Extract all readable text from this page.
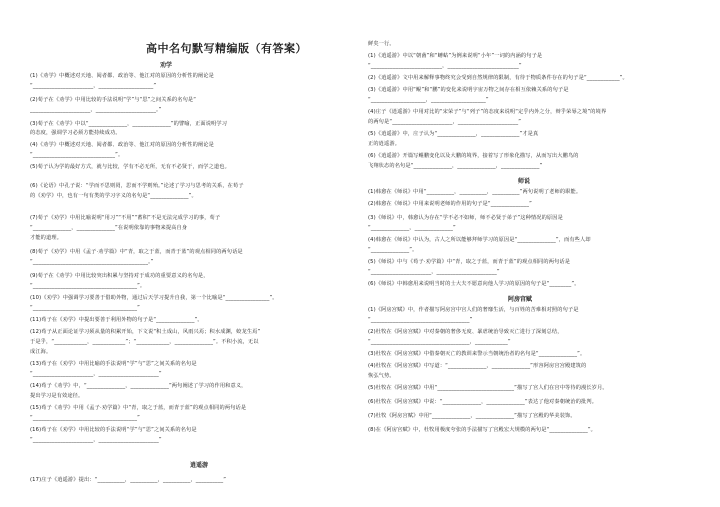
高中名句默写精编版（有答案）
劝学

(1)《劝学》中概述对天地、阅者都、政治等、他江对的原因的分析性的阐论是

“______________________，____________________”

(2)荀子在《劝学》中用比较的手法说明“学”与“思”之间关系的名句是“

______________________，______________________。”

(3)荀子在《劝学》中以“______________，______________”的譬喻，正面说明学习

的态度，强调学习必须方能持续成功。

(4)《劝学》中概述对天地、阅者都、政治等、他江对的原因的分析性的阐论是

“______________________________”。

(5)荀子认为学的最好方式，就与比较，学有不必无所，无有不必贤于，而学之道也。

(6)《论语》中孔子说：“学而不思则罔，思而不学则殆。”论述了学习与思考的关系，在荀子

的《劝学》中，也有一句有类的学习字义的名句是“______________”。

(7)荀子《劝学》中用比喻说明“用习”“不用”“蓄积”不是无法完成学习的事，荀子

“______________，______________”在说明依靠的事物来提高自身

才能的道理。

(8)荀子《劝学》中用《孟子·劝学篇》中“青，取之于蓝，而青于蓝”的观点相同的两句话是

“__________________________________________。”

(9)荀子在《劝学》中用比较突出积累与坚持对于成功的重要意义的名句是，

“______________________________________”。

(10)《劝学》中强调学习要善于借助外物，通过后天学习提升自我，第一个比喻是“________________”。

“______________________________________”

(11)荀子在《劝学》中提出要善于利用外物的句子是“______________”。

(12)荀子从正面论证学习须从量的积累开始，下文说“积土成山，风雨兴焉；积水成渊，蛟龙生焉”

于是乎，“____________，____________”；“____________，______________”。不积小流，无以

成江海。

(13)荀子在《劝学》中用比喻的手法说明“学”与“思”之间关系的名句是

“______________________，______________________”

(14)荀子《劝学》中，“______________，______________”两句阐述了学习的作用和意义，

提出学习是有效途径。

(15)荀子《劝学》中用《孟子·劝学篇》中“青，取之于蓝，而青于蓝”的观点相同的两句话是

“______________________________________”

(16)荀子在《劝学》中用比较的手法说明“学”与“思”之间关系的名句是

“______________________，______________________”

逍遥游

(17)庄子《逍遥游》提出：“__________，__________，__________，__________”

鲜矣一行。

(1)《逍遥游》中以“朝菌”和“蟪蛄”为例来说明“小年”一词的内涵的句子是

“__________________________，__________________________”

(2)《逍遥游》文中用来解释事物终究会受到自然规律的限制，有待于物质条件存在的句子是“____________”。

(3)《逍遥游》中用“鲲”和“鹏”的变化来说明宇宙万物之间存在相互依赖关系的句子是

“____________________，____________________”

(4)庄子《逍遥游》中用对比的“宋荣子”与“列子”的态度来说明“定乎内外之分，辩乎荣辱之境”的境界

的两句是“______________________，______________________”

(5)《逍遥游》中，庄子认为“______________，______________”才是真

正的逍遥游。

(6)《逍遥游》开篇写鲲鹏变化以及大鹏的境界，接着写了形象化描写，从而写出大鹏鸟的

飞翔状态的名句是“______________，______________，______________”

师说

(1)韩愈在《师说》中用“__________，__________，__________”两句说明了老师的职能。

(2)韩愈在《师说》中用来说明老师的作用的句子是“______________”

(3)《师说》中，韩愈认为存在“学不必不如师，师不必贤于弟子”这种情况的原因是

“______________，______________”

(4)韩愈在《师说》中认为，古人之所以能够拜师学习的原因是“______________”，而有些人却

“______________”。

(5)《师说》中与《荀子·劝学篇》中“青，取之于蓝，而青于蓝”的观点相同的两句话是

“______________________，______________________”

(6)《师说》中韩愈用来说明当时的士大夫不愿意向他人学习的原因的句子是“________”。

阿房宫赋

(1)《阿房宫赋》中，作者描写阿房宫中宫人们的奢靡生活，与百姓的苦难相对照的句子是

“____________________________________”

(2)杜牧在《阿房宫赋》中对秦朝的奢侈无度、暴虐统治导致灭亡进行了深刻总结，

“____________________________________，____________”

(3)杜牧在《阿房宫赋》中借秦朝灭亡的教训来警示当朝统治者的名句是“______________”。

(4)杜牧在《阿房宫赋》中写道：“______________，______________”形容阿房宫宫殿建筑的

恢弘气势。

(5)杜牧在《阿房宫赋》中用“____________________________”描写了宫人们在宫中等待的漫长岁月。

(6)杜牧在《阿房宫赋》中说：“______________，______________”表达了他对秦朝统治的批判。

(7)杜牧《阿房宫赋》中用“______________，______________”描写了宫殿的华美装饰。

(8)在《阿房宫赋》中，杜牧用极度夸张的手法描写了宫殿宏大规模的两句是“______________”。
